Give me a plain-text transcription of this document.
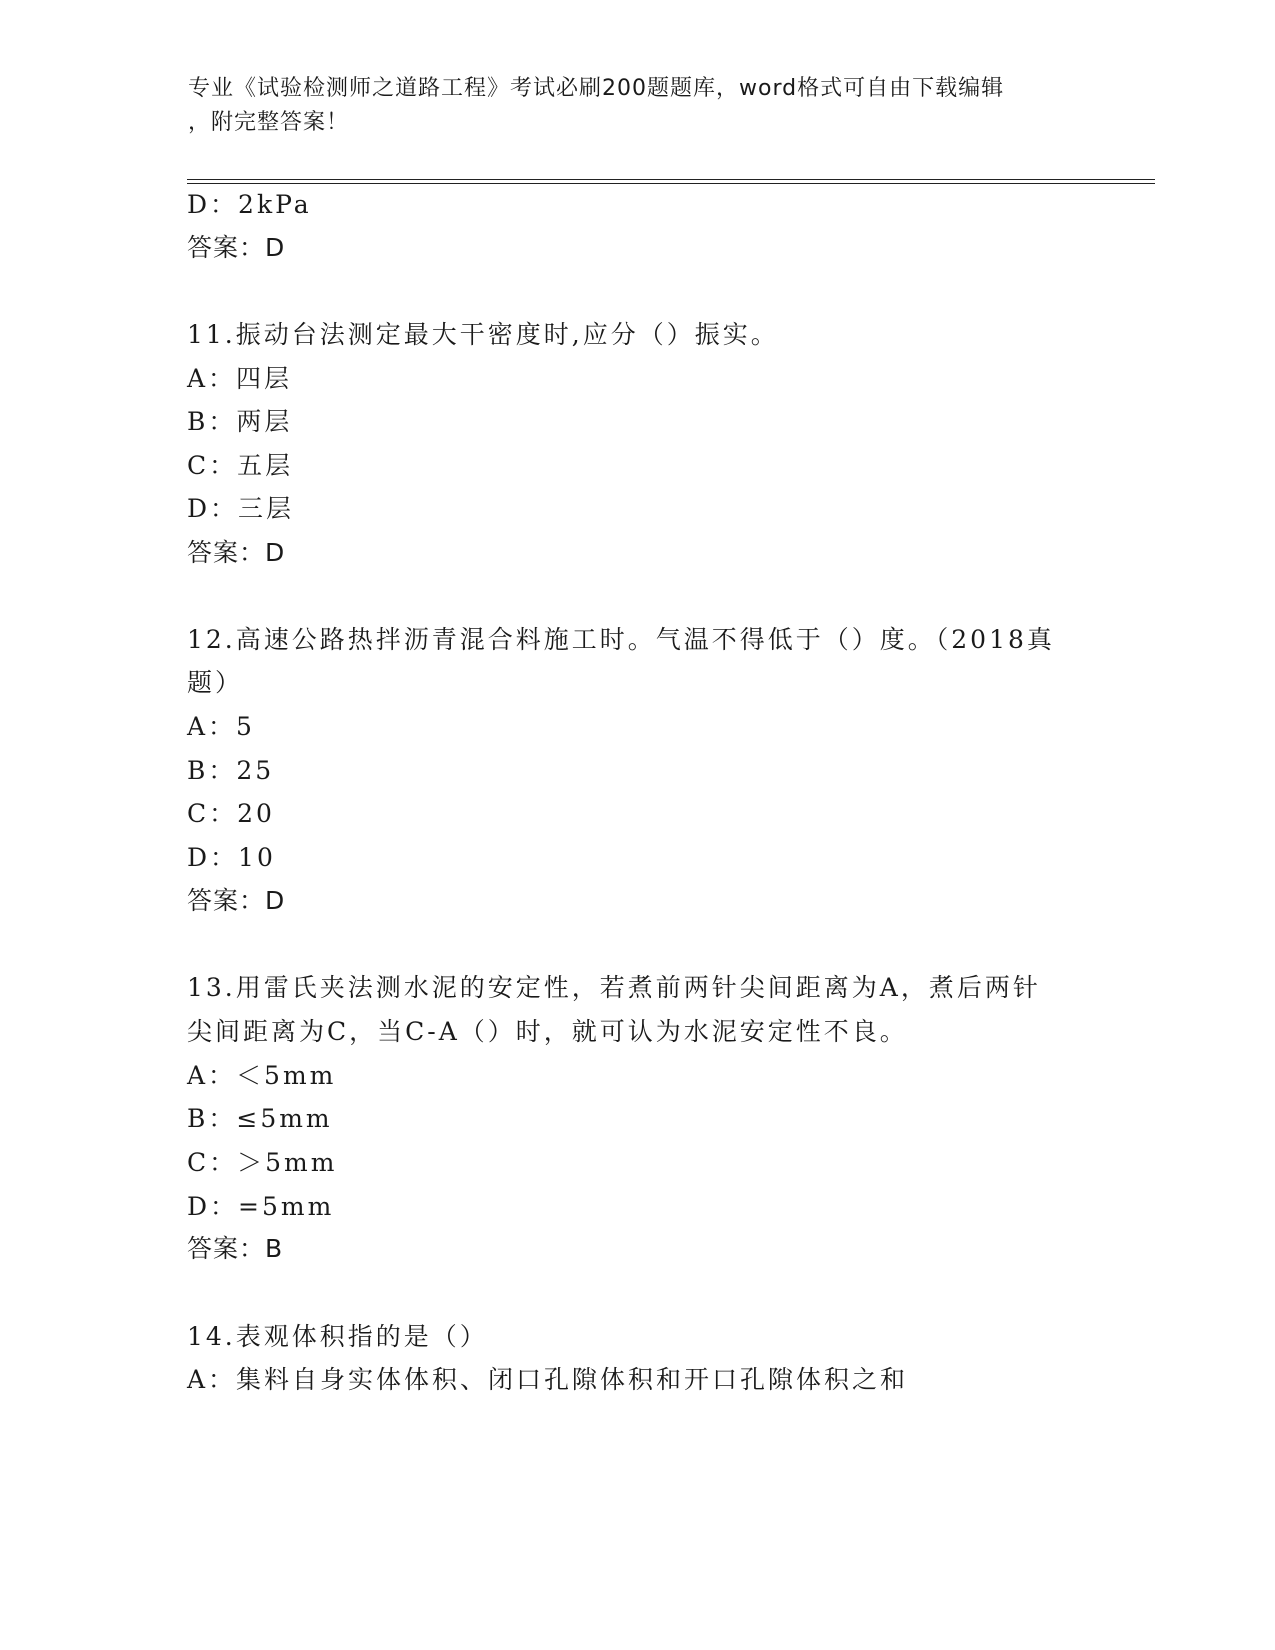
专业《试验检测师之道路工程》考试必刷200题题库，word格式可自由下载编辑
，附完整答案！
D：2kPa
答案：D
11.振动台法测定最大干密度时,应分（）振实。
A：四层
B：两层
C：五层
D：三层
答案：D
12.高速公路热拌沥青混合料施工时。气温不得低于（）度。（2018真
题）
A：5
B：25
C：20
D：10
答案：D
13.用雷氏夹法测水泥的安定性，若煮前两针尖间距离为A，煮后两针
尖间距离为C，当C-A（）时，就可认为水泥安定性不良。
A：＜5mm
B：≤5mm
C：＞5mm
D：=5mm
答案：B
14.表观体积指的是（）
A：集料自身实体体积、闭口孔隙体积和开口孔隙体积之和
